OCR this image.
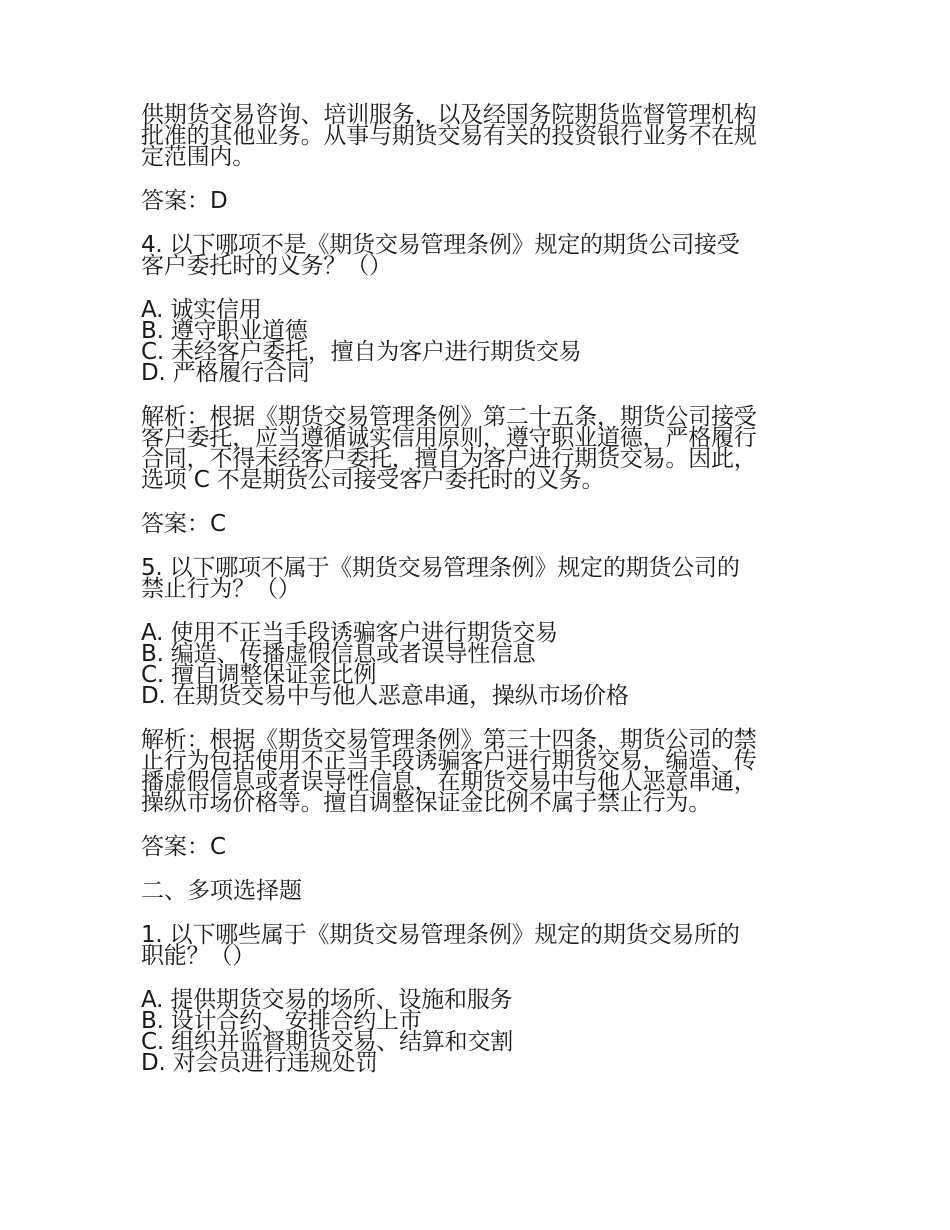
供期货交易咨询、培训服务，以及经国务院期货监督管理机构
批准的其他业务。从事与期货交易有关的投资银行业务不在规
定范围内。
答案：D
4. 以下哪项不是《期货交易管理条例》规定的期货公司接受
客户委托时的义务？（）
A. 诚实信用
B. 遵守职业道德
C. 未经客户委托，擅自为客户进行期货交易
D. 严格履行合同
解析：根据《期货交易管理条例》第二十五条，期货公司接受
客户委托，应当遵循诚实信用原则，遵守职业道德，严格履行
合同，不得未经客户委托，擅自为客户进行期货交易。因此，
选项 C 不是期货公司接受客户委托时的义务。
答案：C
5. 以下哪项不属于《期货交易管理条例》规定的期货公司的
禁止行为？（）
A. 使用不正当手段诱骗客户进行期货交易
B. 编造、传播虚假信息或者误导性信息
C. 擅自调整保证金比例
D. 在期货交易中与他人恶意串通，操纵市场价格
解析：根据《期货交易管理条例》第三十四条，期货公司的禁
止行为包括使用不正当手段诱骗客户进行期货交易，编造、传
播虚假信息或者误导性信息，在期货交易中与他人恶意串通，
操纵市场价格等。擅自调整保证金比例不属于禁止行为。
答案：C
二、多项选择题
1. 以下哪些属于《期货交易管理条例》规定的期货交易所的
职能？（）
A. 提供期货交易的场所、设施和服务
B. 设计合约、安排合约上市
C. 组织并监督期货交易、结算和交割
D. 对会员进行违规处罚
